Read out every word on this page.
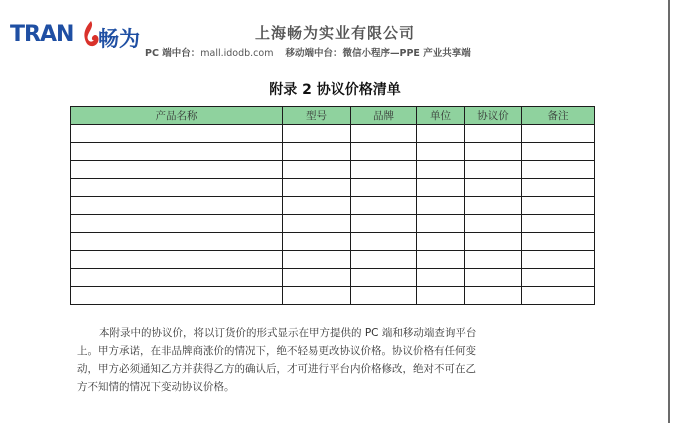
TRAN 畅为	上海畅为实业有限公司
PC 端中台：mall.idodb.com 移动端中台：微信小程序—PPE 产业共享端
附录 2 协议价格清单
产品名称	型号	品牌	单位	协议价	备注

本附录中的协议价，将以订货价的形式显示在甲方提供的 PC 端和移动端查询平台

上。甲方承诺，在非品牌商涨价的情况下，绝不轻易更改协议价格。协议价格有任何变

动，甲方必须通知乙方并获得乙方的确认后，才可进行平台内价格修改，绝对不可在乙

方不知情的情况下变动协议价格。
